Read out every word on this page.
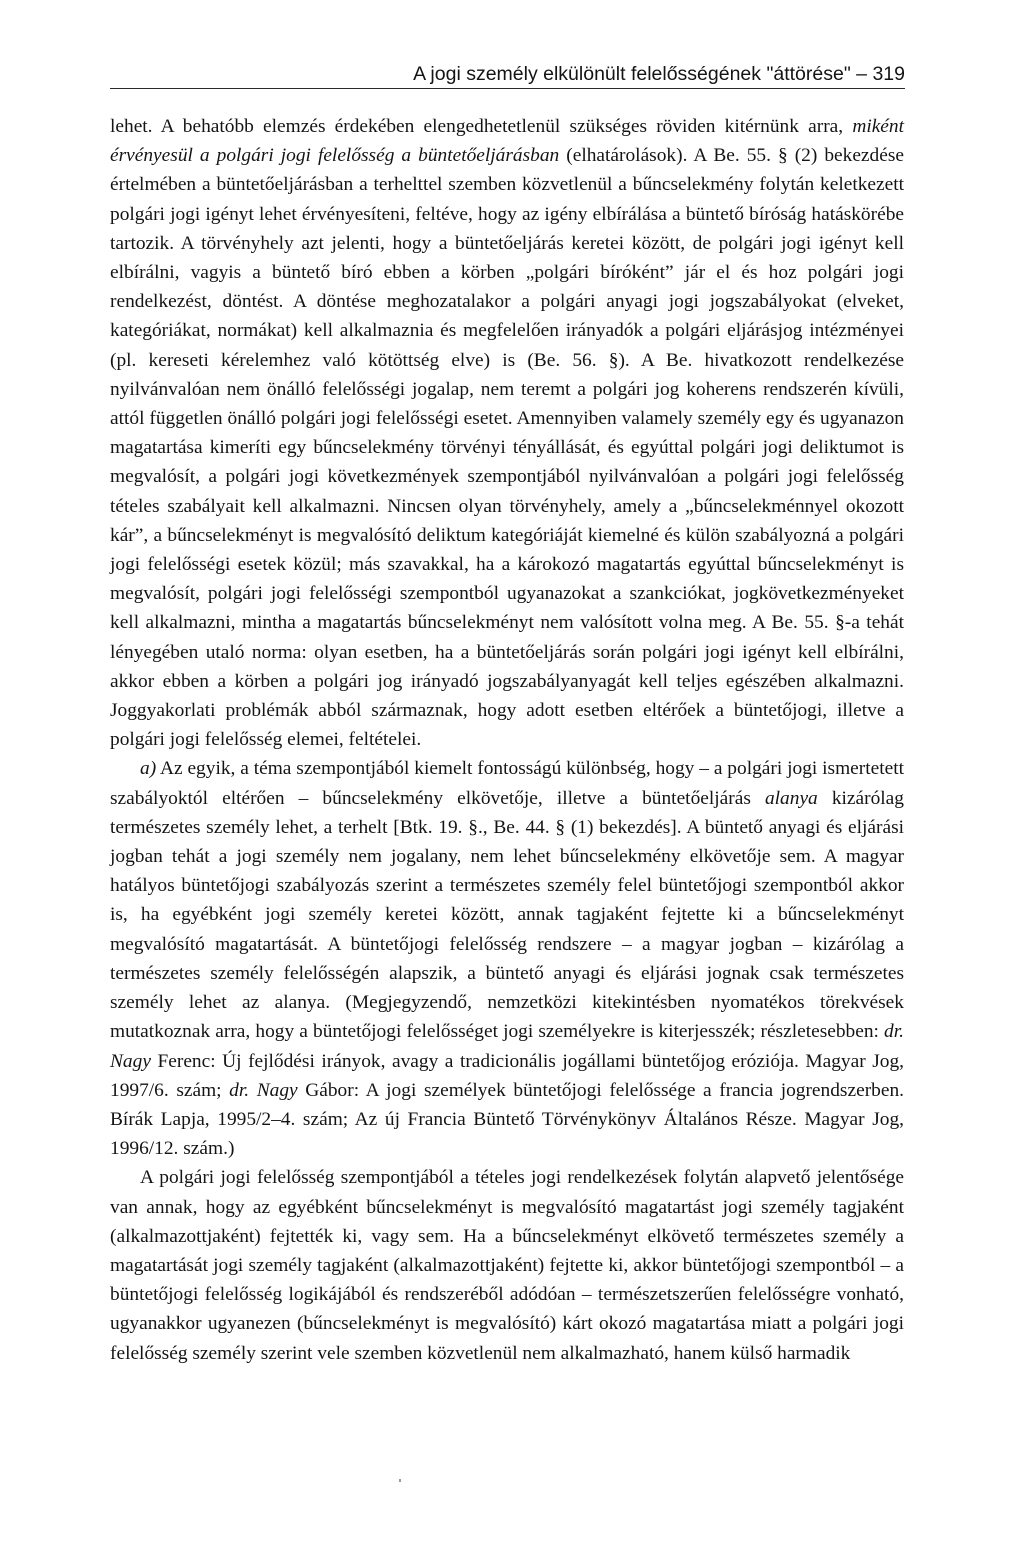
A jogi személy elkülönült felelősségének "áttörése" – 319

lehet. A behatóbb elemzés érdekében elengedhetetlenül szükséges röviden kitérnünk arra, miként érvényesül a polgári jogi felelősség a büntetőeljárásban (elhatárolások). A Be. 55. § (2) bekezdése értelmében a büntetőeljárásban a terhelttel szemben közvetlenül a bűncselekmény folytán keletkezett polgári jogi igényt lehet érvényesíteni, feltéve, hogy az igény elbírálása a büntető bíróság hatáskörébe tartozik. A törvényhely azt jelenti, hogy a büntetőeljárás keretei között, de polgári jogi igényt kell elbírálni, vagyis a büntető bíró ebben a körben „polgári bíróként” jár el és hoz polgári jogi rendelkezést, döntést. A döntése meghozatalakor a polgári anyagi jogi jogszabályokat (elveket, kategóriákat, normákat) kell alkalmaznia és megfelelően irányadók a polgári eljárásjog intézményei (pl. kereseti kérelemhez való kötöttség elve) is (Be. 56. §). A Be. hivatkozott rendelkezése nyilvánvalóan nem önálló felelősségi jogalap, nem teremt a polgári jog koherens rendszerén kívüli, attól független önálló polgári jogi felelősségi esetet. Amennyiben valamely személy egy és ugyanazon magatartása kimeríti egy bűncselekmény törvényi tényállását, és egyúttal polgári jogi deliktumot is megvalósít, a polgári jogi következmények szempontjából nyilvánvalóan a polgári jogi felelősség tételes szabályait kell alkalmazni. Nincsen olyan törvényhely, amely a „bűncselekménnyel okozott kár”, a bűncselekményt is megvalósító deliktum kategóriáját kiemelné és külön szabályozná a polgári jogi felelősségi esetek közül; más szavakkal, ha a károkozó magatartás egyúttal bűncselekményt is megvalósít, polgári jogi felelősségi szempontból ugyanazokat a szankciókat, jogkövetkezményeket kell alkalmazni, mintha a magatartás bűncselekményt nem valósított volna meg. A Be. 55. §-a tehát lényegében utaló norma: olyan esetben, ha a büntetőeljárás során polgári jogi igényt kell elbírálni, akkor ebben a körben a polgári jog irányadó jogszabályanyagát kell teljes egészében alkalmazni. Joggyakorlati problémák abból származnak, hogy adott esetben eltérőek a büntetőjogi, illetve a polgári jogi felelősség elemei, feltételei.

a) Az egyik, a téma szempontjából kiemelt fontosságú különbség, hogy – a polgári jogi ismertetett szabályoktól eltérően – bűncselekmény elkövetője, illetve a büntetőeljárás alanya kizárólag természetes személy lehet, a terhelt [Btk. 19. §., Be. 44. § (1) bekezdés]. A büntető anyagi és eljárási jogban tehát a jogi személy nem jogalany, nem lehet bűncselekmény elkövetője sem. A magyar hatályos büntetőjogi szabályozás szerint a természetes személy felel büntetőjogi szempontból akkor is, ha egyébként jogi személy keretei között, annak tagjaként fejtette ki a bűncselekményt megvalósító magatartását. A büntetőjogi felelősség rendszere – a magyar jogban – kizárólag a természetes személy felelősségén alapszik, a büntető anyagi és eljárási jognak csak természetes személy lehet az alanya. (Megjegyzendő, nemzetközi kitekintésben nyomatékos törekvések mutatkoznak arra, hogy a büntetőjogi felelősséget jogi személyekre is kiterjesszék; részletesebben: dr. Nagy Ferenc: Új fejlődési irányok, avagy a tradicionális jogállami büntetőjog eróziója. Magyar Jog, 1997/6. szám; dr. Nagy Gábor: A jogi személyek büntetőjogi felelőssége a francia jogrendszerben. Bírák Lapja, 1995/2–4. szám; Az új Francia Büntető Törvénykönyv Általános Része. Magyar Jog, 1996/12. szám.)

A polgári jogi felelősség szempontjából a tételes jogi rendelkezések folytán alapvető jelentősége van annak, hogy az egyébként bűncselekményt is megvalósító magatartást jogi személy tagjaként (alkalmazottjaként) fejtették ki, vagy sem. Ha a bűncselekményt elkövető természetes személy a magatartását jogi személy tagjaként (alkalmazottjaként) fejtette ki, akkor büntetőjogi szempontból – a büntetőjogi felelősség logikájából és rendszeréből adódóan – természetszerűen felelősségre vonható, ugyanakkor ugyanezen (bűncselekményt is megvalósító) kárt okozó magatartása miatt a polgári jogi felelősség személy szerint vele szemben közvetlenül nem alkalmazható, hanem külső harmadik
